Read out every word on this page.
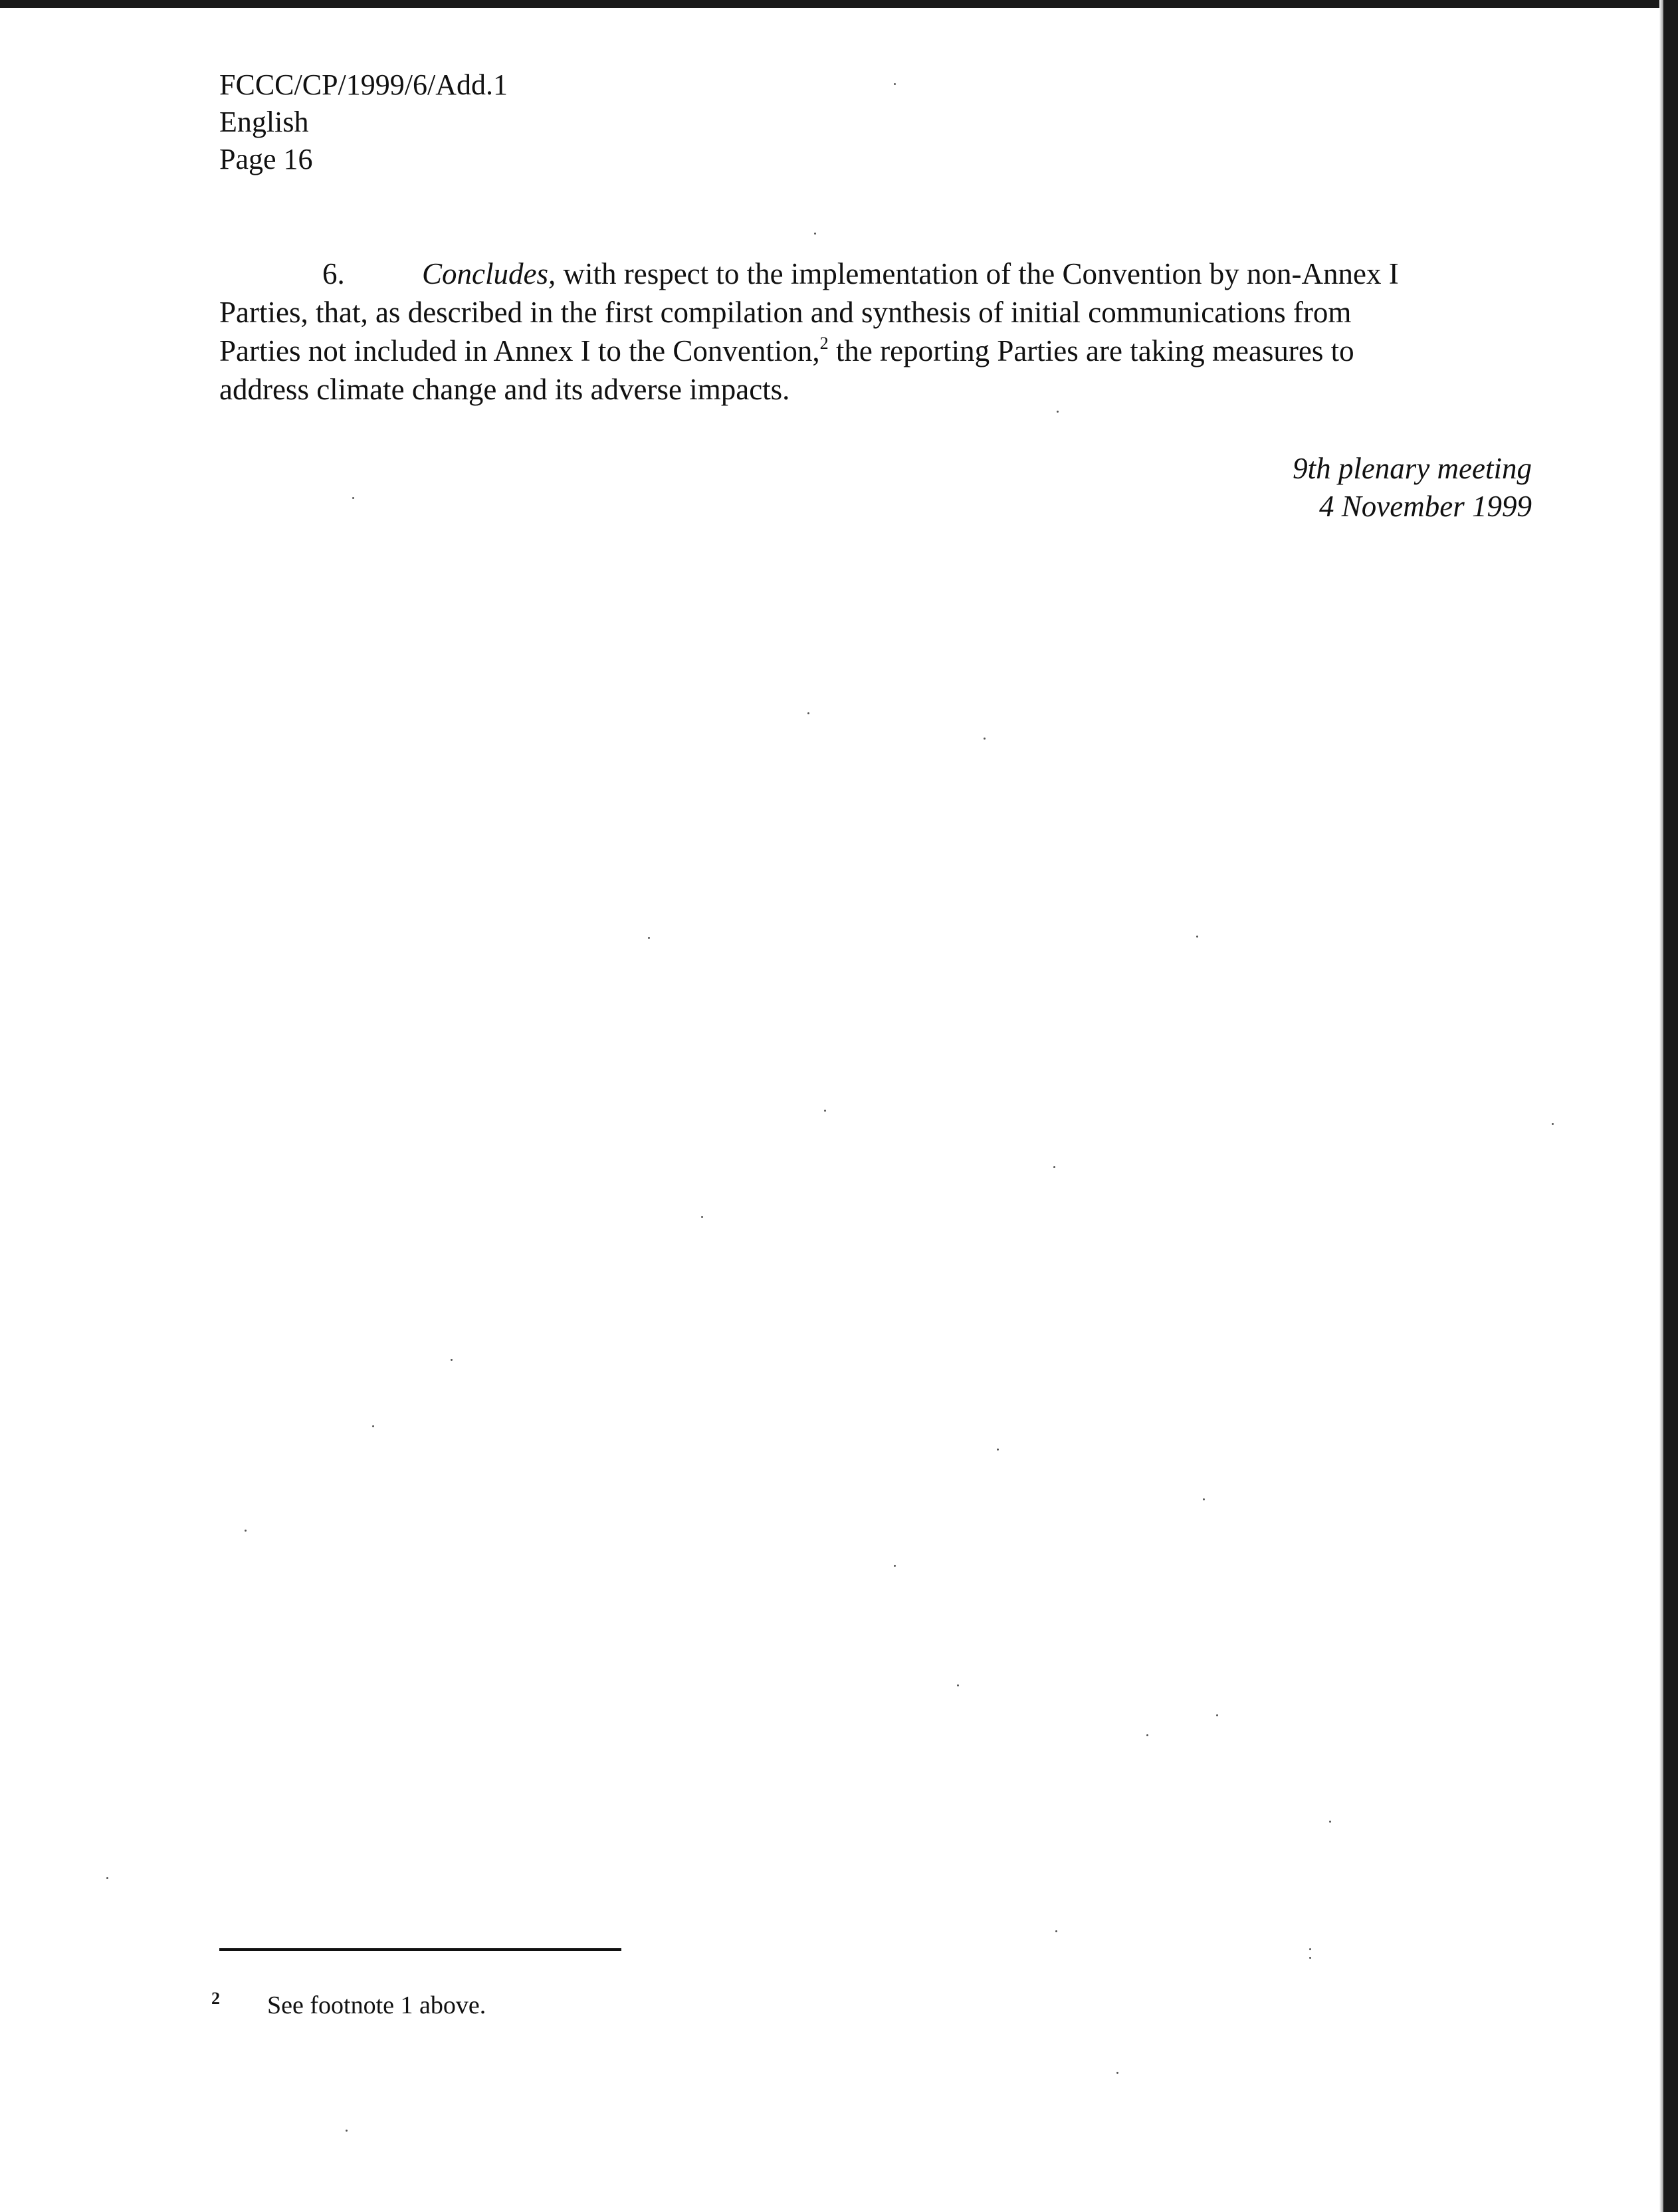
FCCC/CP/1999/6/Add.1
English
Page 16
6.	Concludes, with respect to the implementation of the Convention by non-Annex I
Parties, that, as described in the first compilation and synthesis of initial communications from
Parties not included in Annex I to the Convention,$^2$ the reporting Parties are taking measures to
address climate change and its adverse impacts.
9th plenary meeting
4 November 1999
2 See footnote 1 above.
